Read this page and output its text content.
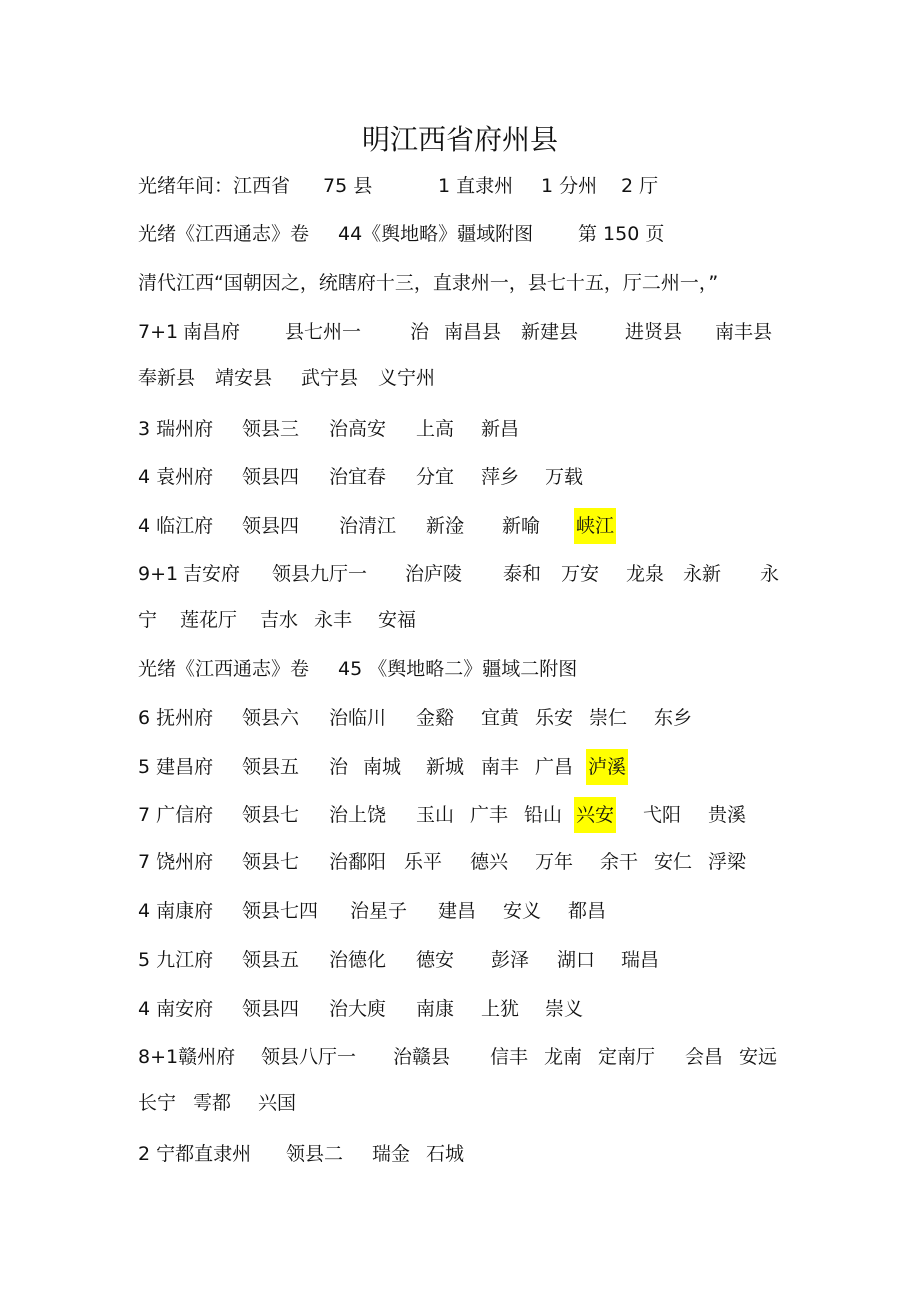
明江西省府州县
光绪年间：江西省 75 县	1 直隶州 1 分州 2 厅
光绪《江西通志》卷 44《舆地略》疆域附图 第 150 页
清代江西“国朝因之，统瞎府十三，直隶州一，县七十五，厅二州一，”
7+1 南昌府 县七州一	治 南昌县 新建县 进贤县 南丰县
奉新县 靖安县 武宁县 义宁州
3 瑞州府 领县三 治高安 上高 新昌
4 袁州府 领县四 治宜春 分宜 萍乡 万载
4 临江府 领县四 治清江 新淦 新喻 峡江
9+1 吉安府 领县九厅一 治庐陵 泰和 万安 龙泉 永新 永
宁 莲花厅 吉水 永丰 安福
光绪《江西通志》卷 45 《舆地略二》疆域二附图
6 抚州府 领县六 治临川 金谿 宜黄 乐安 崇仁 东乡
5 建昌府 领县五 治 南城 新城 南丰 广昌 泸溪
7 广信府 领县七 治上饶 玉山 广丰 铅山 兴安 弋阳 贵溪
7 饶州府 领县七 治鄱阳 乐平 德兴 万年 余干 安仁 浮梁
4 南康府 领县七四 治星子 建昌 安义 都昌
5 九江府 领县五 治德化 德安 彭泽 湖口 瑞昌
4 南安府 领县四 治大庾 南康 上犹 崇义
8+1赣州府 领县八厅一 治赣县 信丰 龙南 定南厅 会昌 安远
长宁 雩都 兴国
2 宁都直隶州 领县二 瑞金 石城
